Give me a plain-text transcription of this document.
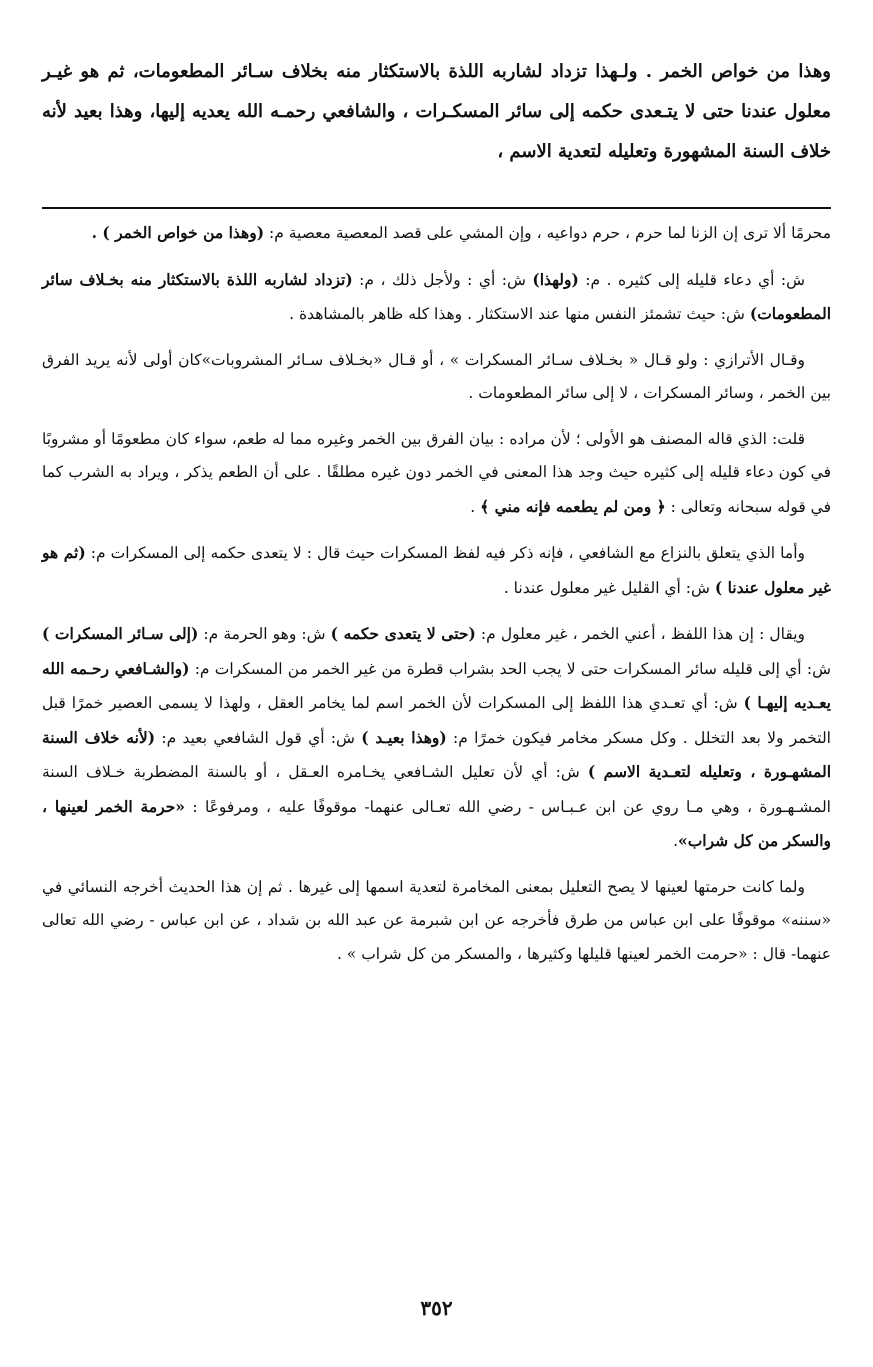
وهذا من خواص الخمر . ولـهذا تزداد لشاربه اللذة بالاستكثار منه بخلاف سـائر المطعومات، ثم هو غيـر معلول عندنا حتى لا يتـعدى حكمه إلى سائر المسكـرات ، والشافعي رحمـه الله يعديه إليها، وهذا بعيد لأنه خلاف السنة المشهورة وتعليله لتعدية الاسم ،

محرمًا ألا ترى إن الزنا لما حرم ، حرم دواعيه ، وإن المشي على قصد المعصية معصية م: (وهذا من خواص الخمر ) .

ش: أي دعاء قليله إلى كثيره . م: (ولهذا) ش: أي : ولأجل ذلك ، م: (تزداد لشاربه اللذة بالاستكثار منه بخـلاف سائر المطعومات) ش: حيث تشمئز النفس منها عند الاستكثار . وهذا كله ظاهر بالمشاهدة .

وقـال الأترازي : ولو قـال « بخـلاف سـائر المسكرات » ، أو قـال «بخـلاف سـائر المشروبات»كان أولى لأنه يريد الفرق بين الخمر ، وسائر المسكرات ، لا إلى سائر المطعومات .

قلت: الذي قاله المصنف هو الأولى ؛ لأن مراده : بيان الفرق بين الخمر وغيره مما له طعم، سواء كان مطعومًا أو مشروبًا في كون دعاء قليله إلى كثيره حيث وجد هذا المعنى في الخمر دون غيره مطلقًا . على أن الطعم يذكر ، ويراد به الشرب كما في قوله سبحانه وتعالى : ﴿ ومن لم يطعمه فإنه مني ﴾ .

وأما الذي يتعلق بالنزاع مع الشافعي ، فإنه ذكر فيه لفظ المسكرات حيث قال : لا يتعدى حكمه إلى المسكرات م: (ثم هو غير معلول عندنا ) ش: أي القليل غير معلول عندنا .

ويقال : إن هذا اللفظ ، أعني الخمر ، غير معلول م: (حتى لا يتعدى حكمه ) ش: وهو الحرمة م: (إلى سـائر المسكرات ) ش: أي إلى قليله سائر المسكرات حتى لا يجب الحد بشراب قطرة من غير الخمر من المسكرات م: (والشـافعي رحـمه الله يعـديه إليهـا ) ش: أي تعـدي هذا اللفظ إلى المسكرات لأن الخمر اسم لما يخامر العقل ، ولهذا لا يسمى العصير خمرًا قبل التخمر ولا بعد التخلل . وكل مسكر مخامر فيكون خمرًا م: (وهذا بعيـد ) ش: أي قول الشافعي بعيد م: (لأنه خلاف السنة المشهـورة ، وتعليله لتعـدية الاسم ) ش: أي لأن تعليل الشـافعي يخـامره العـقل ، أو بالسنة المضطربة خـلاف السنة المشـهـورة ، وهي مـا روي عن ابن عـبـاس - رضي الله تعـالى عنهما- موقوفًا عليه ، ومرفوعًا : «حرمة الخمر لعينها ، والسكر من كل شراب».

ولما كانت حرمتها لعينها لا يصح التعليل بمعنى المخامرة لتعدية اسمها إلى غيرها . ثم إن هذا الحديث أخرجه النسائي في «سننه» موقوفًا على ابن عباس من طرق فأخرجه عن ابن شبرمة عن عبد الله بن شداد ، عن ابن عباس - رضي الله تعالى عنهما- قال : «حرمت الخمر لعينها قليلها وكثيرها ، والمسكر من كل شراب » .

٣٥٢
